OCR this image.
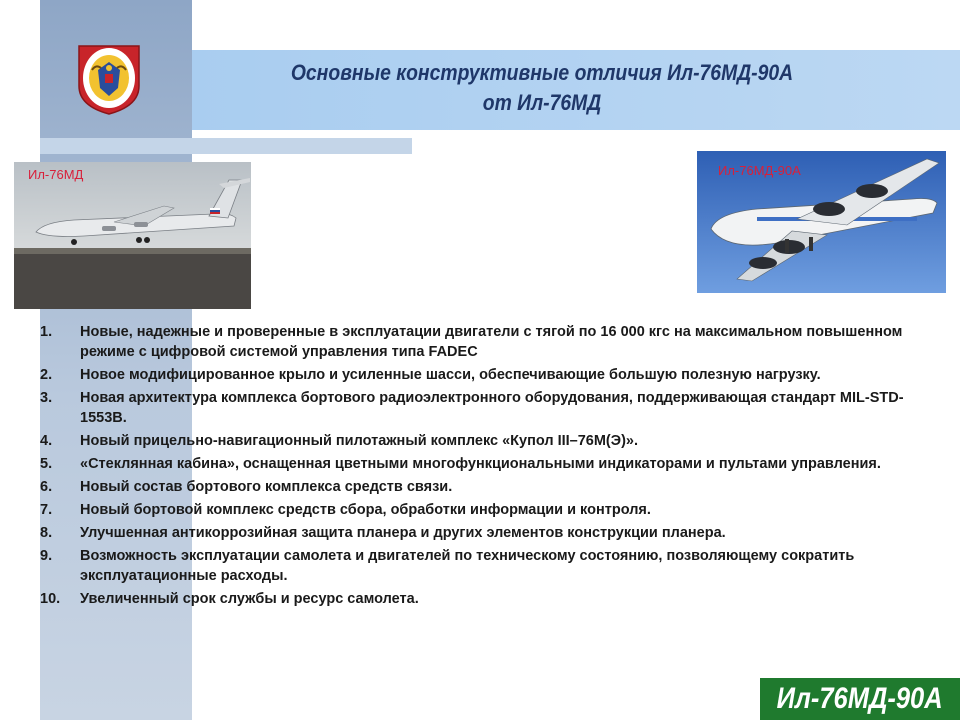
Основные конструктивные отличия Ил-76МД-90А
от Ил-76МД
Ил-76МД	Ил-76МД-90А
1.	Новые, надежные и проверенные в эксплуатации двигатели с тягой по 16 000 кгс на максимальном повышенном режиме с цифровой системой управления типа FADEC
2.	Новое модифицированное крыло и усиленные шасси, обеспечивающие большую полезную нагрузку.
3.	Новая архитектура комплекса бортового радиоэлектронного оборудования, поддерживающая стандарт MIL-STD-1553B.
4.	Новый прицельно-навигационный пилотажный комплекс «Купол III–76М(Э)».
5.	«Стеклянная кабина», оснащенная цветными многофункциональными индикаторами и пультами управления.
6.	Новый состав бортового комплекса средств связи.
7.	Новый бортовой комплекс средств сбора, обработки информации и контроля.
8.	Улучшенная антикоррозийная защита планера и других элементов конструкции планера.
9.	Возможность эксплуатации самолета и двигателей по техническому состоянию, позволяющему сократить эксплуатационные расходы.
10.	Увеличенный срок службы и ресурс самолета.
Ил-76МД-90А
